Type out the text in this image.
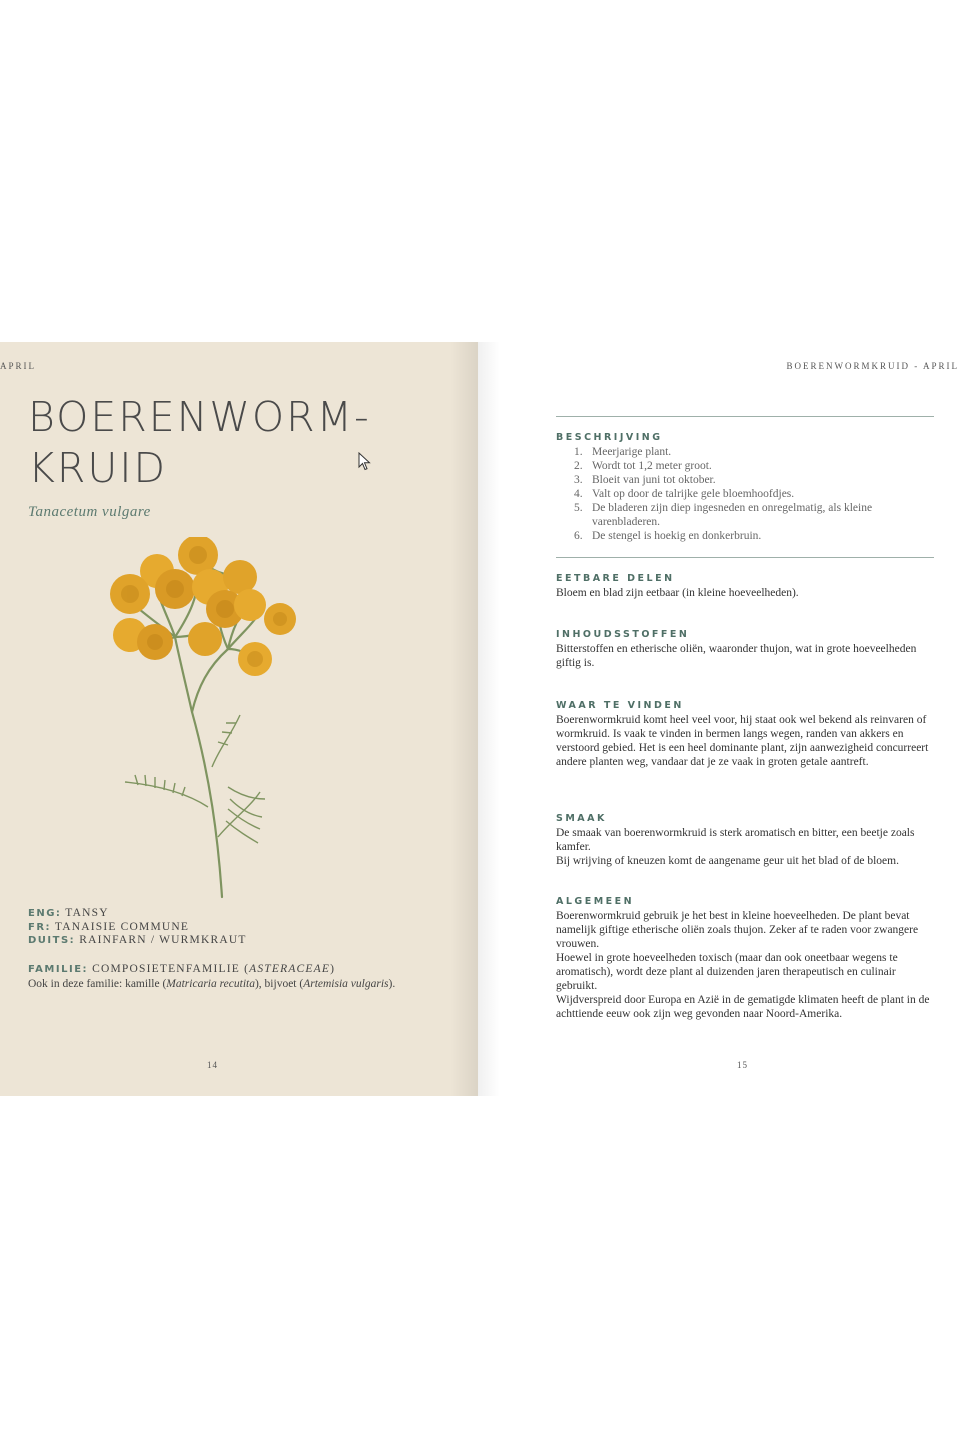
APRIL
BOERENWORM-
KRUID
Tanacetum vulgare
ENG: TANSY
FR: TANAISIE COMMUNE
DUITS: RAINFARN / WURMKRAUT
FAMILIE: COMPOSIETENFAMILIE (ASTERACEAE)
Ook in deze familie: kamille (Matricaria recutita), bijvoet (Artemisia vulgaris).
14
BOERENWORMKRUID - APRIL
BESCHRIJVING
1. Meerjarige plant.
2. Wordt tot 1,2 meter groot.
3. Bloeit van juni tot oktober.
4. Valt op door de talrijke gele bloemhoofdjes.
5. De bladeren zijn diep ingesneden en onregelmatig, als kleine varenbladeren.
6. De stengel is hoekig en donkerbruin.
EETBARE DELEN

Bloem en blad zijn eetbaar (in kleine hoeveelheden).

INHOUDSSTOFFEN

Bitterstoffen en etherische oliën, waaronder thujon, wat in grote hoeveelheden giftig is.

WAAR TE VINDEN

Boerenwormkruid komt heel veel voor, hij staat ook wel bekend als reinvaren of wormkruid. Is vaak te vinden in bermen langs wegen, randen van akkers en verstoord gebied. Het is een heel dominante plant, zijn aanwezigheid concurreert andere planten weg, vandaar dat je ze vaak in groten getale aantreft.

SMAAK

De smaak van boerenwormkruid is sterk aromatisch en bitter, een beetje zoals kamfer.

Bij wrijving of kneuzen komt de aangename geur uit het blad of de bloem.

ALGEMEEN

Boerenwormkruid gebruik je het best in kleine hoeveelheden. De plant bevat namelijk giftige etherische oliën zoals thujon. Zeker af te raden voor zwangere vrouwen.

Hoewel in grote hoeveelheden toxisch (maar dan ook oneetbaar wegens te aromatisch), wordt deze plant al duizenden jaren therapeutisch en culinair gebruikt.

Wijdverspreid door Europa en Azië in de gematigde klimaten heeft de plant in de achttiende eeuw ook zijn weg gevonden naar Noord-Amerika.

15
